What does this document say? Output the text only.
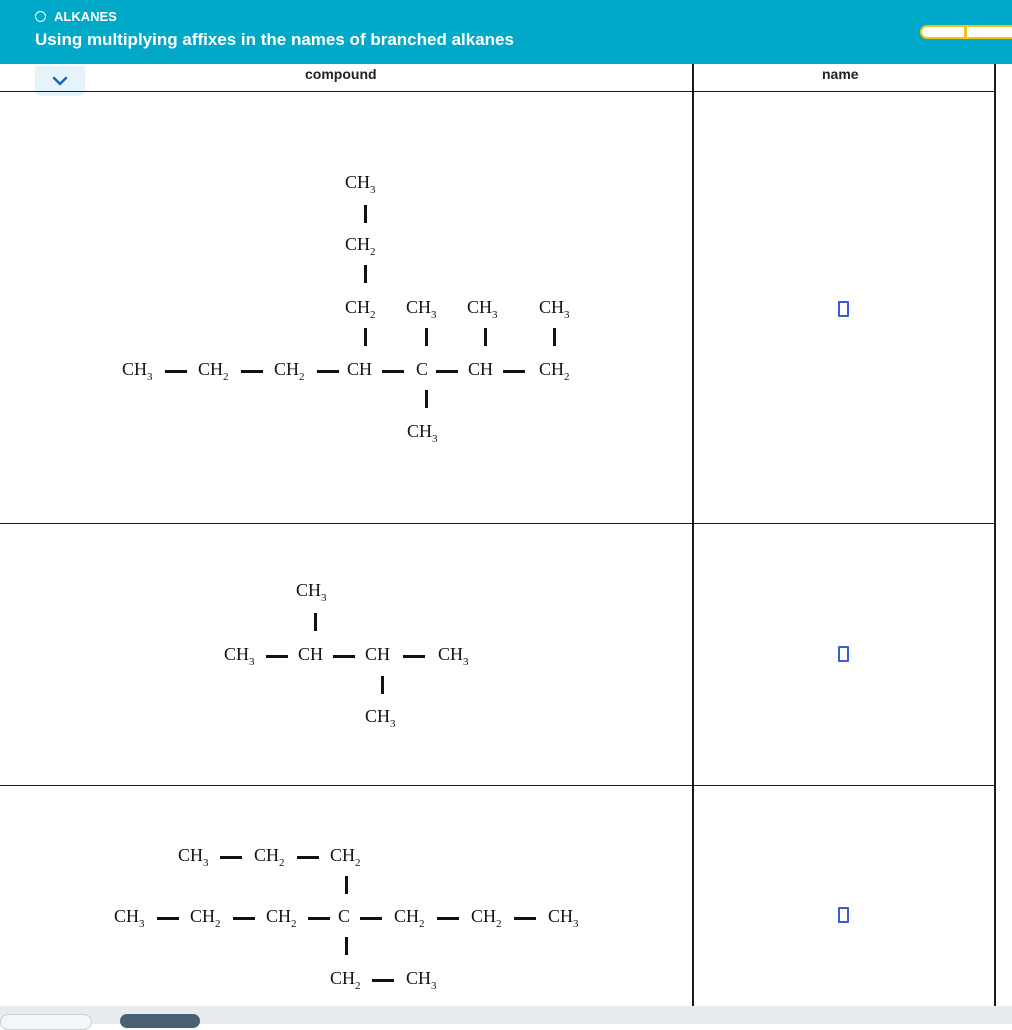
ALKANES
Using multiplying affixes in the names of branched alkanes
compound	name
$CH_3$
$CH_2$
$CH_2$ $CH_3$ $CH_3$ $CH_3$
$CH_3$	$CH_2$	$CH_2$ CH C CH	$CH_2$
$CH_3$
$CH_3$
$CH_3$ CH CH	$CH_3$
$CH_3$
$CH_3$	$CH_2$	$CH_2$
$CH_3$	$CH_2$	$CH_2$ C $CH_2$	$CH_2$	$CH_3$
$CH_2$	$CH_3$
